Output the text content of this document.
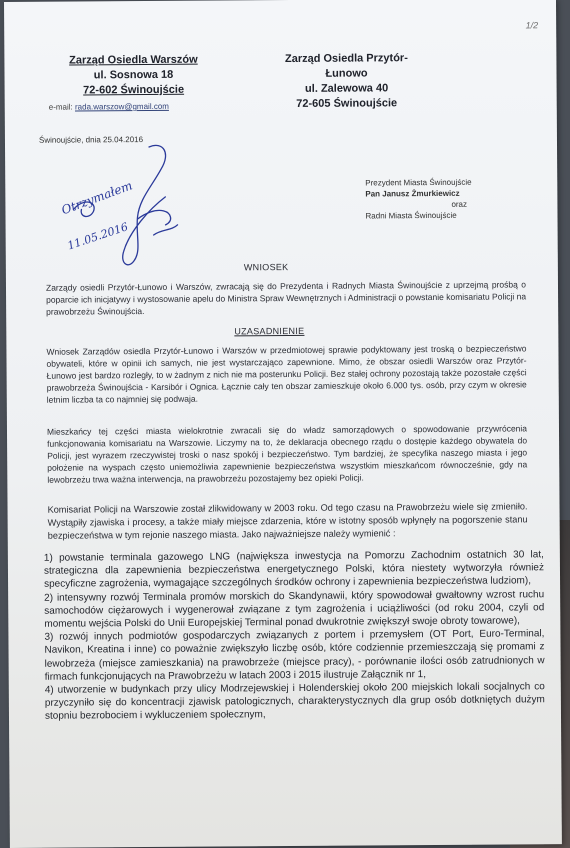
1/2
Zarząd Osiedla Warszów
ul. Sosnowa 18
72-602 Świnoujście
e-mail: rada.warszow@gmail.com
Zarząd Osiedla Przytór-Łunowo
ul. Zalewowa 40
72-605 Świnoujście
Świnoujście, dnia 25.04.2016
Otrzymałem
11.05.2016
Prezydent Miasta Świnoujście
Pan Janusz Żmurkiewicz
oraz
Radni Miasta Świnoujście
WNIOSEK
Zarządy osiedli Przytór-Łunowo i Warszów, zwracają się do Prezydenta i Radnych Miasta Świnoujście z uprzejmą prośbą o poparcie ich inicjatywy i wystosowanie apelu do Ministra Spraw Wewnętrznych i Administracji o powstanie komisariatu Policji na prawobrzeżu Świnoujścia.
UZASADNIENIE
Wniosek Zarządów osiedla Przytór-Łunowo i Warszów w przedmiotowej sprawie podyktowany jest troską o bezpieczeństwo obywateli, które w opinii ich samych, nie jest wystarczająco zapewnione. Mimo, że obszar osiedli Warszów oraz Przytór-Łunowo jest bardzo rozległy, to w żadnym z nich nie ma posterunku Policji. Bez stałej ochrony pozostają także pozostałe części prawobrzeża Świnoujścia - Karsibór i Ognica. Łącznie cały ten obszar zamieszkuje około 6.000 tys. osób, przy czym w okresie letnim liczba ta co najmniej się podwaja.
Mieszkańcy tej części miasta wielokrotnie zwracali się do władz samorządowych o spowodowanie przywrócenia funkcjonowania komisariatu na Warszowie. Liczymy na to, że deklaracja obecnego rządu o dostępie każdego obywatela do Policji, jest wyrazem rzeczywistej troski o nasz spokój i bezpieczeństwo. Tym bardziej, że specyfika naszego miasta i jego położenie na wyspach często uniemożliwia zapewnienie bezpieczeństwa wszystkim mieszkańcom równocześnie, gdy na lewobrzeżu trwa ważna interwencja, na prawobrzeżu pozostajemy bez opieki Policji.
Komisariat Policji na Warszowie został zlikwidowany w 2003 roku. Od tego czasu na Prawobrzeżu wiele się zmieniło. Wystąpiły zjawiska i procesy, a także miały miejsce zdarzenia, które w istotny sposób wpłynęły na pogorszenie stanu bezpieczeństwa w tym rejonie naszego miasta. Jako najważniejsze należy wymienić :
1) powstanie terminala gazowego LNG (największa inwestycja na Pomorzu Zachodnim ostatnich 30 lat, strategiczna dla zapewnienia bezpieczeństwa energetycznego Polski, która niestety wytworzyła również specyficzne zagrożenia, wymagające szczególnych środków ochrony i zapewnienia bezpieczeństwa ludziom),
2) intensywny rozwój Terminala promów morskich do Skandynawii, który spowodował gwałtowny wzrost ruchu samochodów ciężarowych i wygenerował związane z tym zagrożenia i uciążliwości (od roku 2004, czyli od momentu wejścia Polski do Unii Europejskiej Terminal ponad dwukrotnie zwiększył swoje obroty towarowe),
3) rozwój innych podmiotów gospodarczych związanych z portem i przemysłem (OT Port, Euro-Terminal, Navikon, Kreatina i inne) co poważnie zwiększyło liczbę osób, które codziennie przemieszczają się promami z lewobrzeża (miejsce zamieszkania) na prawobrzeże (miejsce pracy), - porównanie ilości osób zatrudnionych w firmach funkcjonujących na Prawobrzeżu w latach 2003 i 2015 ilustruje Załącznik nr 1,
4) utworzenie w budynkach przy ulicy Modrzejewskiej i Holenderskiej około 200 miejskich lokali socjalnych co przyczyniło się do koncentracji zjawisk patologicznych, charakterystycznych dla grup osób dotkniętych dużym stopniu bezrobociem i wykluczeniem społecznym,
